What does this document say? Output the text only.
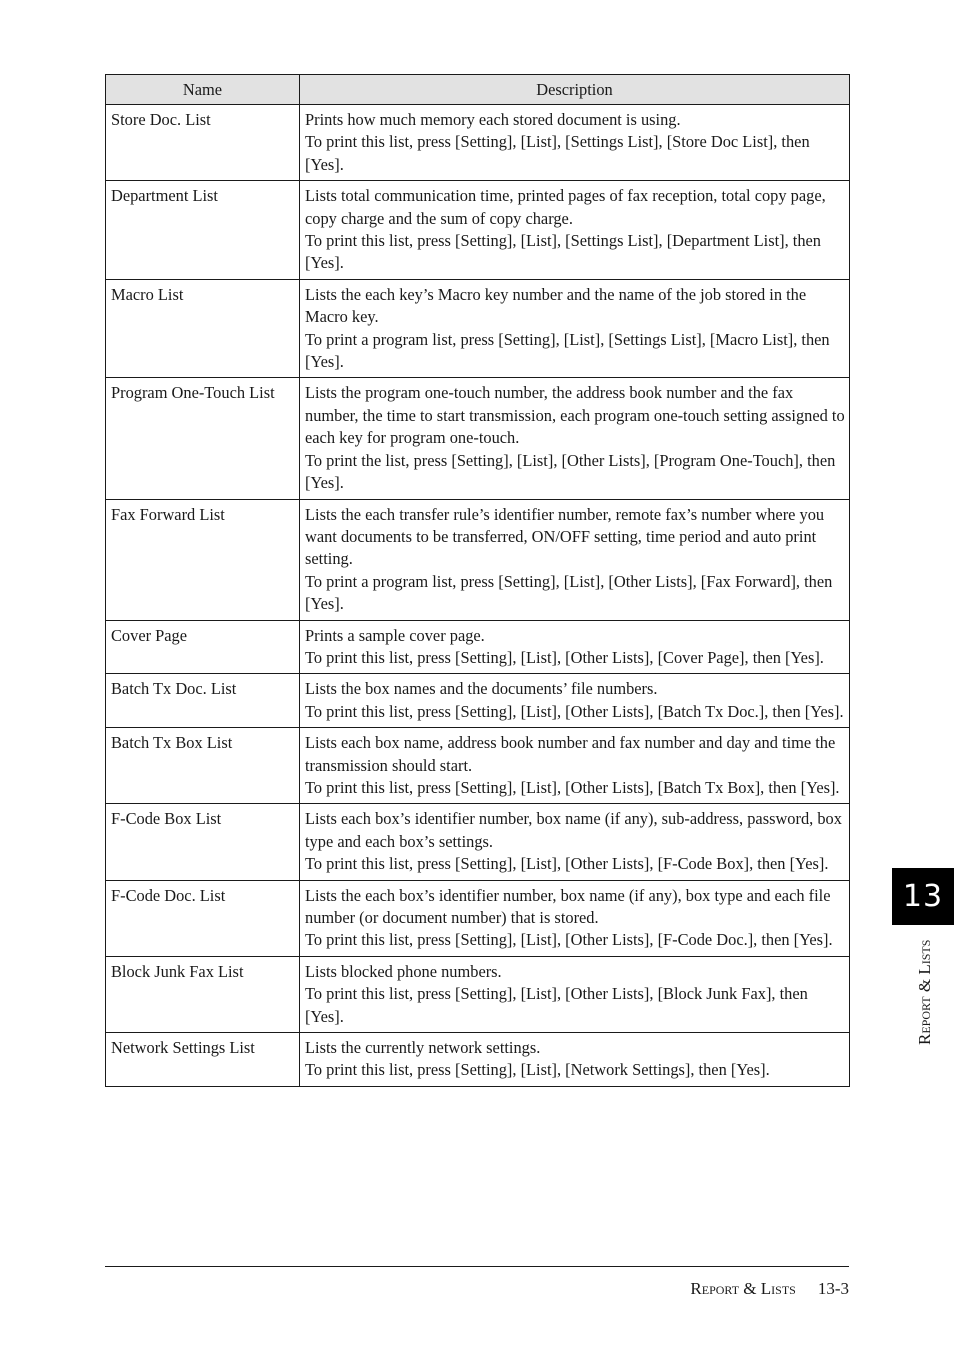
Name	Description
Store Doc. List	Prints how much memory each stored document is using.
To print this list, press [Setting], [List], [Settings List], [Store Doc List], then [Yes].

Department List	Lists total communication time, printed pages of fax reception, total copy page, copy charge and the sum of copy charge.
To print this list, press [Setting], [List], [Settings List], [Department List], then [Yes].

Macro List	Lists the each key’s Macro key number and the name of the job stored in the Macro key.
To print a program list, press [Setting], [List], [Settings List], [Macro List], then [Yes].

Program One-Touch List	Lists the program one-touch number, the address book number and the fax number, the time to start transmission, each program one-touch setting assigned to each key for program one-touch.
To print the list, press [Setting], [List], [Other Lists], [Program One-Touch], then [Yes].

Fax Forward List	Lists the each transfer rule’s identifier number, remote fax’s number where you want documents to be transferred, ON/OFF setting, time period and auto print setting.
To print a program list, press [Setting], [List], [Other Lists], [Fax Forward], then [Yes].

Cover Page	Prints a sample cover page.
To print this list, press [Setting], [List], [Other Lists], [Cover Page], then [Yes].

Batch Tx Doc. List	Lists the box names and the documents’ file numbers.
To print this list, press [Setting], [List], [Other Lists], [Batch Tx Doc.], then [Yes].

Batch Tx Box List	Lists each box name, address book number and fax number and day and time the transmission should start.
To print this list, press [Setting], [List], [Other Lists], [Batch Tx Box], then [Yes].

F-Code Box List	Lists each box’s identifier number, box name (if any), sub-address, password, box type and each box’s settings.
To print this list, press [Setting], [List], [Other Lists], [F-Code Box], then [Yes].

F-Code Doc. List	Lists the each box’s identifier number, box name (if any), box type and each file number (or document number) that is stored.
To print this list, press [Setting], [List], [Other Lists], [F-Code Doc.], then [Yes].

Block Junk Fax List	Lists blocked phone numbers.
To print this list, press [Setting], [List], [Other Lists], [Block Junk Fax], then [Yes].

Network Settings List	Lists the currently network settings.
To print this list, press [Setting], [List], [Network Settings], then [Yes].
13
Report & Lists
Report & Lists 13-3
